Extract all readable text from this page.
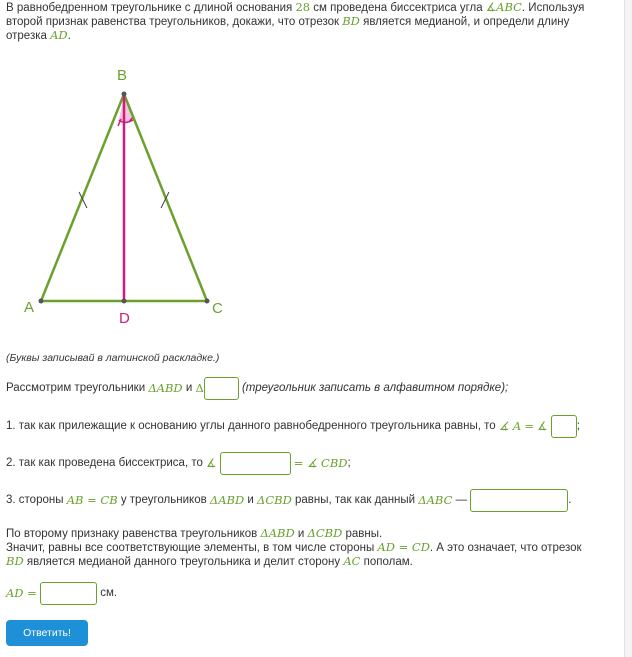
В равнобедренном треугольнике с длиной основания 28 см проведена биссектриса угла ∡ABC. Используя
второй признак равенства треугольников, докажи, что отрезок BD является медианой, и определи длину
отрезка AD.
B
A	C
D
(Буквы записывай в латинской раскладке.)
Рассмотрим треугольники
ΔABD
и
Δ
	(треугольник записать в алфавитном порядке);
1. так как прилежащие к основанию углы данного равнобедренного треугольника равны, то
∡ A
=
∡
	;
2. так как проведена биссектриса, то
∡

	= ∡ CBD ;
3. стороны
AB = CB
у треугольников
ΔABD
и
ΔCBD
равны, так как данный
ΔABC
—
	.
По второму признаку равенства треугольников ΔABD и ΔCBD равны.
Значит, равны все соответствующие элементы, в том числе стороны AD = CD. А это означает, что отрезок
BD является медианой данного треугольника и делит сторону AC пополам.
AD =

	см.
Ответить!
